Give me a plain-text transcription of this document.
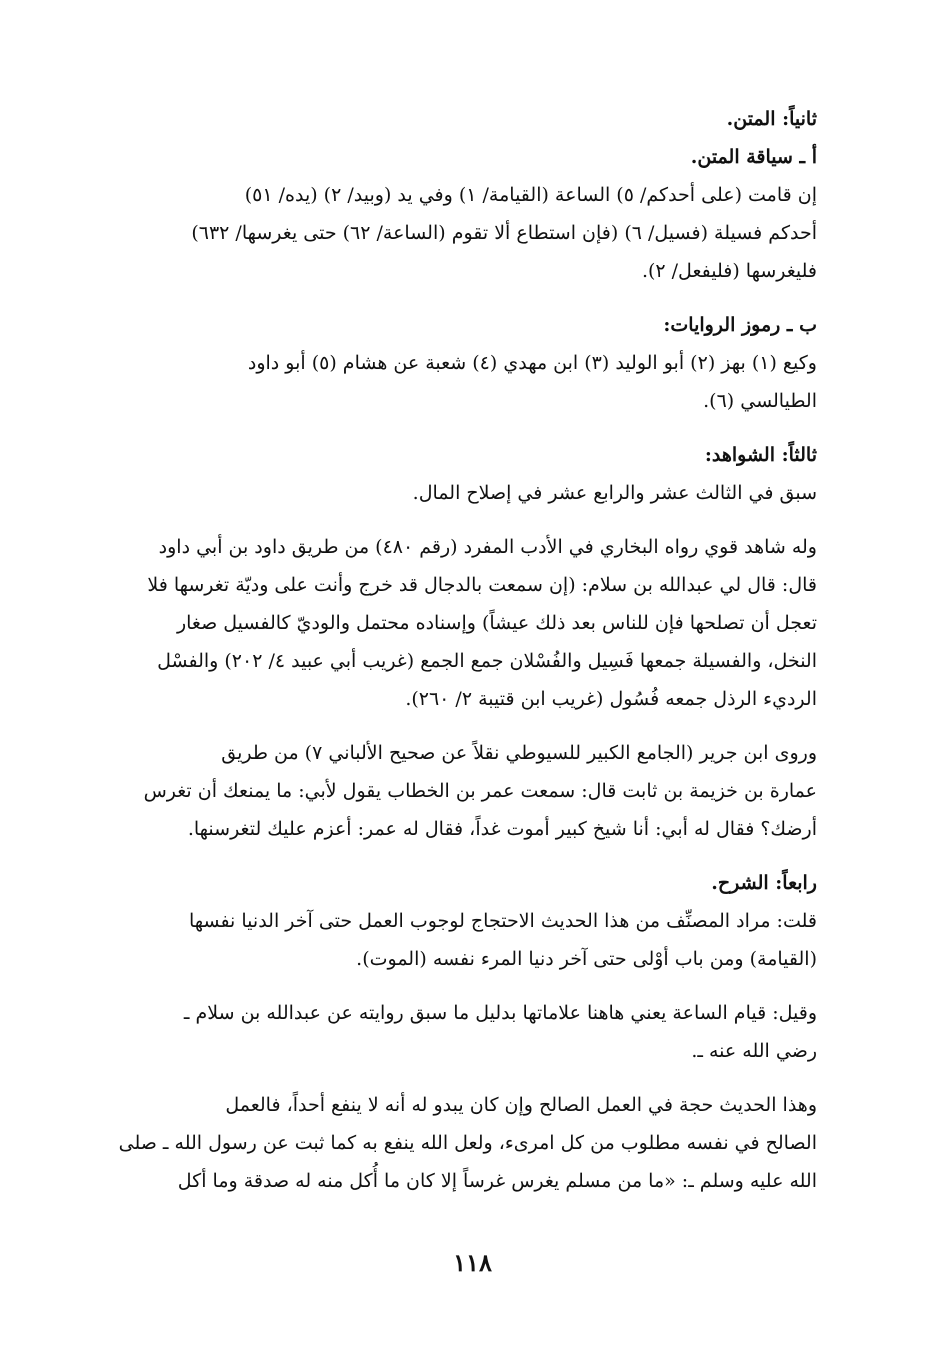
ثانياً: المتن.
أ ـ سياقة المتن.
إن قامت (على أحدكم/ ٥) الساعة (القيامة/ ١) وفي يد (وبيد/ ٢) (يده/ ٥١)
أحدكم فسيلة (فسيل/ ٦) (فإن استطاع ألا تقوم (الساعة/ ٦٢) حتى يغرسها/ ٦٣٢)
فليغرسها (فليفعل/ ٢).
ب ـ رموز الروايات:
وكيع (١) بهز (٢) أبو الوليد (٣) ابن مهدي (٤) شعبة عن هشام (٥) أبو داود
الطيالسي (٦).
ثالثاً: الشواهد:
سبق في الثالث عشر والرابع عشر في إصلاح المال.
وله شاهد قوي رواه البخاري في الأدب المفرد (رقم ٤٨٠) من طريق داود بن أبي داود
قال: قال لي عبدالله بن سلام: (إن سمعت بالدجال قد خرج وأنت على وديّة تغرسها فلا
تعجل أن تصلحها فإن للناس بعد ذلك عيشاً) وإسناده محتمل والوديّ كالفسيل صغار
النخل، والفسيلة جمعها فَسِيل والفُسْلان جمع الجمع (غريب أبي عبيد ٤/ ٢٠٢) والفسْل
الرديء الرذل جمعه فُسُول (غريب ابن قتيبة ٢/ ٢٦٠).
وروى ابن جرير (الجامع الكبير للسيوطي نقلاً عن صحيح الألباني ٧) من طريق
عمارة بن خزيمة بن ثابت قال: سمعت عمر بن الخطاب يقول لأبي: ما يمنعك أن تغرس
أرضك؟ فقال له أبي: أنا شيخ كبير أموت غداً، فقال له عمر: أعزم عليك لتغرسنها.
رابعاً: الشرح.
قلت: مراد المصنِّف من هذا الحديث الاحتجاج لوجوب العمل حتى آخر الدنيا نفسها
(القيامة) ومن باب أوْلى حتى آخر دنيا المرء نفسه (الموت).
وقيل: قيام الساعة يعني هاهنا علاماتها بدليل ما سبق روايته عن عبدالله بن سلام ـ
رضي الله عنه ـ.
وهذا الحديث حجة في العمل الصالح وإن كان يبدو له أنه لا ينفع أحداً، فالعمل
الصالح في نفسه مطلوب من كل امرىء، ولعل الله ينفع به كما ثبت عن رسول الله ـ صلى
الله عليه وسلم ـ: «ما من مسلم يغرس غرساً إلا كان ما أُكل منه له صدقة وما أكل
١١٨
